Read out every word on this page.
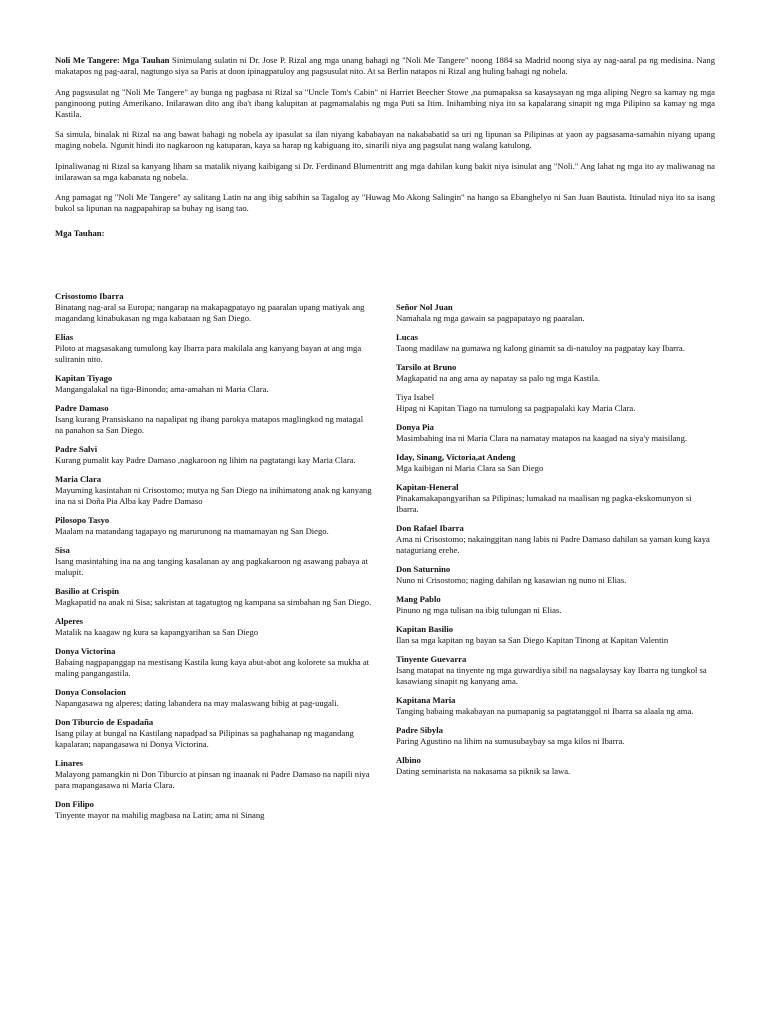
Noli Me Tangere: Mga Tauhan Sinimulang sulatin ni Dr. Jose P. Rizal ang mga unang bahagi ng "Noli Me Tangere" noong 1884 sa Madrid noong siya ay nag-aaral pa ng medisina. Nang makatapos ng pag-aaral, nagtungo siya sa Paris at doon ipinagpatuloy ang pagsusulat nito. At sa Berlin natapos ni Rizal ang huling bahagi ng nobela.

Ang pagsusulat ng "Noli Me Tangere" ay bunga ng pagbasa ni Rizal sa "Uncle Tom's Cabin" ni Harriet Beecher Stowe ,na pumapaksa sa kasaysayan ng mga aliping Negro sa kamay ng mga panginoong puting Amerikano. Inilarawan dito ang iba't ibang kalupitan at pagmamalabis ng mga Puti sa Itim. Inihambing niya ito sa kapalarang sinapit ng mga Pilipino sa kamay ng mga Kastila.

Sa simula, binalak ni Rizal na ang bawat bahagi ng nobela ay ipasulat sa ilan niyang kababayan na nakababatid sa uri ng lipunan sa Pilipinas at yaon ay pagsasama-samahin niyang upang maging nobela. Ngunit hindi ito nagkaroon ng katuparan, kaya sa harap ng kabiguang ito, sinarili niya ang pagsulat nang walang katulong.

Ipinaliwanag ni Rizal sa kanyang liham sa matalik niyang kaibigang si Dr. Ferdinand Blumentritt ang mga dahilan kung bakit niya isinulat ang "Noli." Ang lahat ng mga ito ay maliwanag na inilarawan sa mga kabanata ng nobela.

Ang pamagat ng "Noli Me Tangere" ay salitang Latin na ang ibig sabihin sa Tagalog ay "Huwag Mo Akong Salingin" na hango sa Ebanghelyo ni San Juan Bautista. Itinulad niya ito sa isang bukol sa lipunan na nagpapahirap sa buhay ng isang tao.

Mga Tauhan:
Crisostomo Ibarra
Binatang nag-aral sa Europa; nangarap na makapagpatayo ng paaralan upang matiyak ang magandang kinabukasan ng mga kabataan ng San Diego.
Elias
Piloto at magsasakang tumulong kay Ibarra para makilala ang kanyang bayan at ang mga suliranin nito.
Kapitan Tiyago
Mangangalakal na tiga-Binondo; ama-amahan ni Maria Clara.
Padre Damaso
Isang kurang Pransiskano na napalipat ng ibang parokya matapos maglingkod ng matagal na panahon sa San Diego.
Padre Salvi
Kurang pumalit kay Padre Damaso ,nagkaroon ng lihim na pagtatangi kay Maria Clara.
Maria Clara
Mayuming kasintahan ni Crisostomo; mutya ng San Diego na inihimatong anak ng kanyang ina na si Doña Pia Alba kay Padre Damaso
Pilosopo Tasyo
Maalam na matandang tagapayo ng marurunong na mamamayan ng San Diego.
Sisa
Isang masintahing ina na ang tanging kasalanan ay ang pagkakaroon ng asawang pabaya at malupit.
Basilio at Crispin
Magkapatid na anak ni Sisa; sakristan at tagatugtog ng kampana sa simbahan ng San Diego.
Alperes
Matalik na kaagaw ng kura sa kapangyarihan sa San Diego
Donya Victorina
Babaing nagpapanggap na mestisang Kastila kung kaya abut-abot ang kolorete sa mukha at maling pangangastila.
Donya Consolacion
Napangasawa ng alperes; dating labandera na may malaswang bibig at pag-uugali.
Don Tiburcio de Espadaña
Isang pilay at bungal na Kastilang napadpad sa Pilipinas sa paghahanap ng magandang kapalaran; napangasawa ni Donya Victorina.
Linares
Malayong pamangkin ni Don Tiburcio at pinsan ng inaanak ni Padre Damaso na napili niya para mapangasawa ni Maria Clara.
Don Filipo
Tinyente mayor na mahilig magbasa na Latin; ama ni Sinang
Señor Nol Juan
Namahala ng mga gawain sa pagpapatayo ng paaralan.
Lucas
Taong madilaw na gumawa ng kalong ginamit sa di-natuloy na pagpatay kay Ibarra.
Tarsilo at Bruno
Magkapatid na ang ama ay napatay sa palo ng mga Kastila.
Tiya Isabel
Hipag ni Kapitan Tiago na tumulong sa pagpapalaki kay Maria Clara.
Donya Pia
Masimbahing ina ni Maria Clara na namatay matapos na kaagad na siya'y maisilang.
Iday, Sinang, Victoria,at Andeng
Mga kaibigan ni Maria Clara sa San Diego
Kapitan-Heneral
Pinakamakapangyarihan sa Pilipinas; lumakad na maalisan ng pagka-ekskomunyon si Ibarra.
Don Rafael Ibarra
Ama ni Crisostomo; nakainggitan nang labis ni Padre Damaso dahilan sa yaman kung kaya nataguriang erehe.
Don Saturnino
Nuno ni Crisostomo; naging dahilan ng kasawian ng nuno ni Elias.
Mang Pablo
Pinuno ng mga tulisan na ibig tulungan ni Elias.
Kapitan Basilio
Ilan sa mga kapitan ng bayan sa San Diego Kapitan Tinong at Kapitan Valentin
Tinyente Guevarra
Isang matapat na tinyente ng mga guwardiya sibil na nagsalaysay kay Ibarra ng tungkol sa kasawiang sinapit ng kanyang ama.
Kapitana Maria
Tanging babaing makabayan na pumapanig sa pagtatanggol ni Ibarra sa alaala ng ama.
Padre Sibyla
Paring Agustino na lihim na sumusubaybay sa mga kilos ni Ibarra.
Albino
Dating seminarista na nakasama sa piknik sa lawa.
